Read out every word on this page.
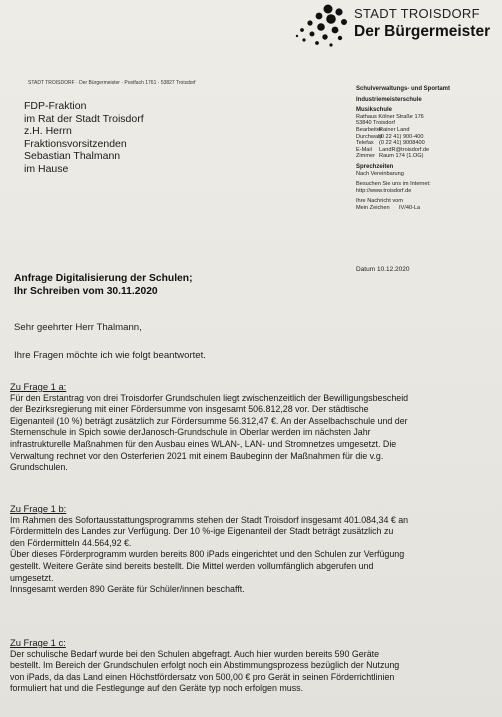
STADT TROISDORF
Der Bürgermeister
STADT TROISDORF · Der Bürgermeister · Postfach 1761 · 53827 Troisdorf
FDP-Fraktion
im Rat der Stadt Troisdorf
z.H. Herrn
Fraktionsvorsitzenden
Sebastian Thalmann
im Hause
Schulverwaltungs- und Sportamt
Industriemeisterschule
Musikschule
Rathaus Kölner Straße 176
53840 Troisdorf
Bearbeiter
Rainer Land
Durchwahl
(0 22 41) 900-400
Telefax (0 22 41) 9008400
E-Mail	LandR@troisdorf.de
Zimmer Raum 174 (1.OG)
Sprechzeiten
Nach Vereinbarung
Besuchen Sie uns im Internet:
http://www.troisdorf.de
Ihre Nachricht vom
Mein Zeichen	IV/40-La
Datum 10.12.2020
Anfrage Digitalisierung der Schulen;
Ihr Schreiben vom 30.11.2020
Sehr geehrter Herr Thalmann,
Ihre Fragen möchte ich wie folgt beantwortet.
Zu Frage 1 a:
Für den Erstantrag von drei Troisdorfer Grundschulen liegt zwischenzeitlich der Bewilligungsbescheid
der Bezirksregierung mit einer Fördersumme von insgesamt 506.812,28 vor. Der städtische
Eigenanteil (10 %) beträgt zusätzlich zur Fördersumme 56.312,47 €. An der Asselbachschule und der
Sternenschule in Spich sowie derJanosch-Grundschule in Oberlar werden im nächsten Jahr
infrastrukturelle Maßnahmen für den Ausbau eines WLAN-, LAN- und Stromnetzes umgesetzt. Die
Verwaltung rechnet vor den Osterferien 2021 mit einem Baubeginn der Maßnahmen für die v.g.
Grundschulen.
Zu Frage 1 b:
Im Rahmen des Sofortausstattungsprogramms stehen der Stadt Troisdorf insgesamt 401.084,34 € an
Fördermitteln des Landes zur Verfügung. Der 10 %-ige Eigenanteil der Stadt beträgt zusätzlich zu
den Fördermitteln 44.564,92 €.
Über dieses Förderprogramm wurden bereits 800 iPads eingerichtet und den Schulen zur Verfügung
gestellt. Weitere Geräte sind bereits bestellt. Die Mittel werden vollumfänglich abgerufen und
umgesetzt.
Innsgesamt werden 890 Geräte für Schüler/innen beschafft.
Zu Frage 1 c:
Der schulische Bedarf wurde bei den Schulen abgefragt. Auch hier wurden bereits 590 Geräte
bestellt. Im Bereich der Grundschulen erfolgt noch ein Abstimmungsprozess bezüglich der Nutzung
von iPads, da das Land einen Höchstfördersatz von 500,00 € pro Gerät in seinen Förderrichtlinien
formuliert hat und die Festlegunge auf den Geräte typ noch erfolgen muss.
